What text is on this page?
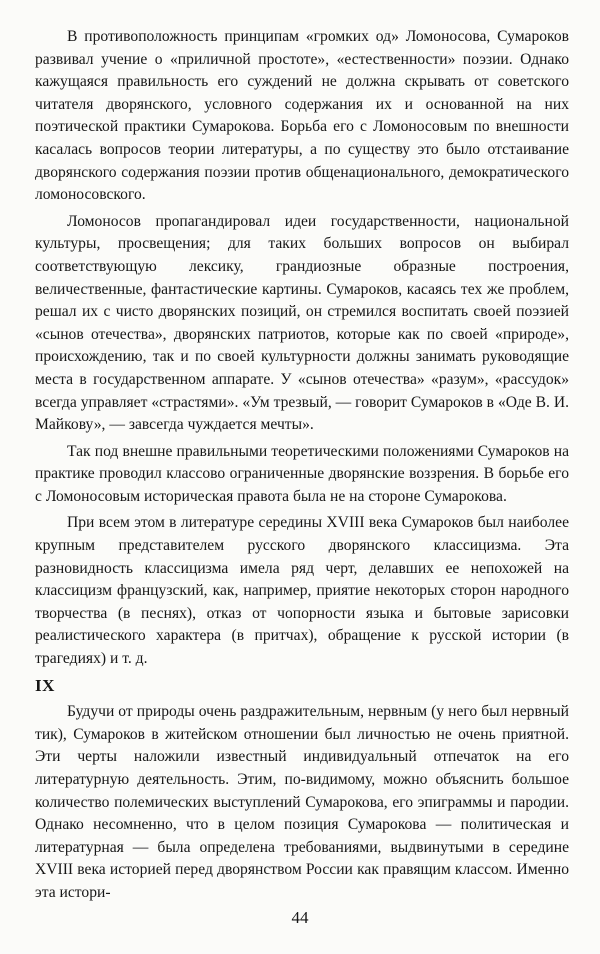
В противоположность принципам «громких од» Ломоносова, Сумароков развивал учение о «приличной простоте», «естественности» поэзии. Однако кажущаяся правильность его суждений не должна скрывать от советского читателя дворянского, условного содержания их и основанной на них поэтической практики Сумарокова. Борьба его с Ломоносовым по внешности касалась вопросов теории литературы, а по существу это было отстаивание дворянского содержания поэзии против общенационального, демократического ломоносовского.

Ломоносов пропагандировал идеи государственности, национальной культуры, просвещения; для таких больших вопросов он выбирал соответствующую лексику, грандиозные образные построения, величественные, фантастические картины. Сумароков, касаясь тех же проблем, решал их с чисто дворянских позиций, он стремился воспитать своей поэзией «сынов отечества», дворянских патриотов, которые как по своей «природе», происхождению, так и по своей культурности должны занимать руководящие места в государственном аппарате. У «сынов отечества» «разум», «рассудок» всегда управляет «страстями». «Ум трезвый, — говорит Сумароков в «Оде В. И. Майкову», — завсегда чуждается мечты».

Так под внешне правильными теоретическими положениями Сумароков на практике проводил классово ограниченные дворянские воззрения. В борьбе его с Ломоносовым историческая правота была не на стороне Сумарокова.

При всем этом в литературе середины XVIII века Сумароков был наиболее крупным представителем русского дворянского классицизма. Эта разновидность классицизма имела ряд черт, делавших ее непохожей на классицизм французский, как, например, приятие некоторых сторон народного творчества (в песнях), отказ от чопорности языка и бытовые зарисовки реалистического характера (в притчах), обращение к русской истории (в трагедиях) и т. д.

IX

Будучи от природы очень раздражительным, нервным (у него был нервный тик), Сумароков в житейском отношении был личностью не очень приятной. Эти черты наложили известный индивидуальный отпечаток на его литературную деятельность. Этим, по-видимому, можно объяснить большое количество полемических выступлений Сумарокова, его эпиграммы и пародии. Однако несомненно, что в целом позиция Сумарокова — политическая и литературная — была определена требованиями, выдвинутыми в середине XVIII века историей перед дворянством России как правящим классом. Именно эта истори-

44
